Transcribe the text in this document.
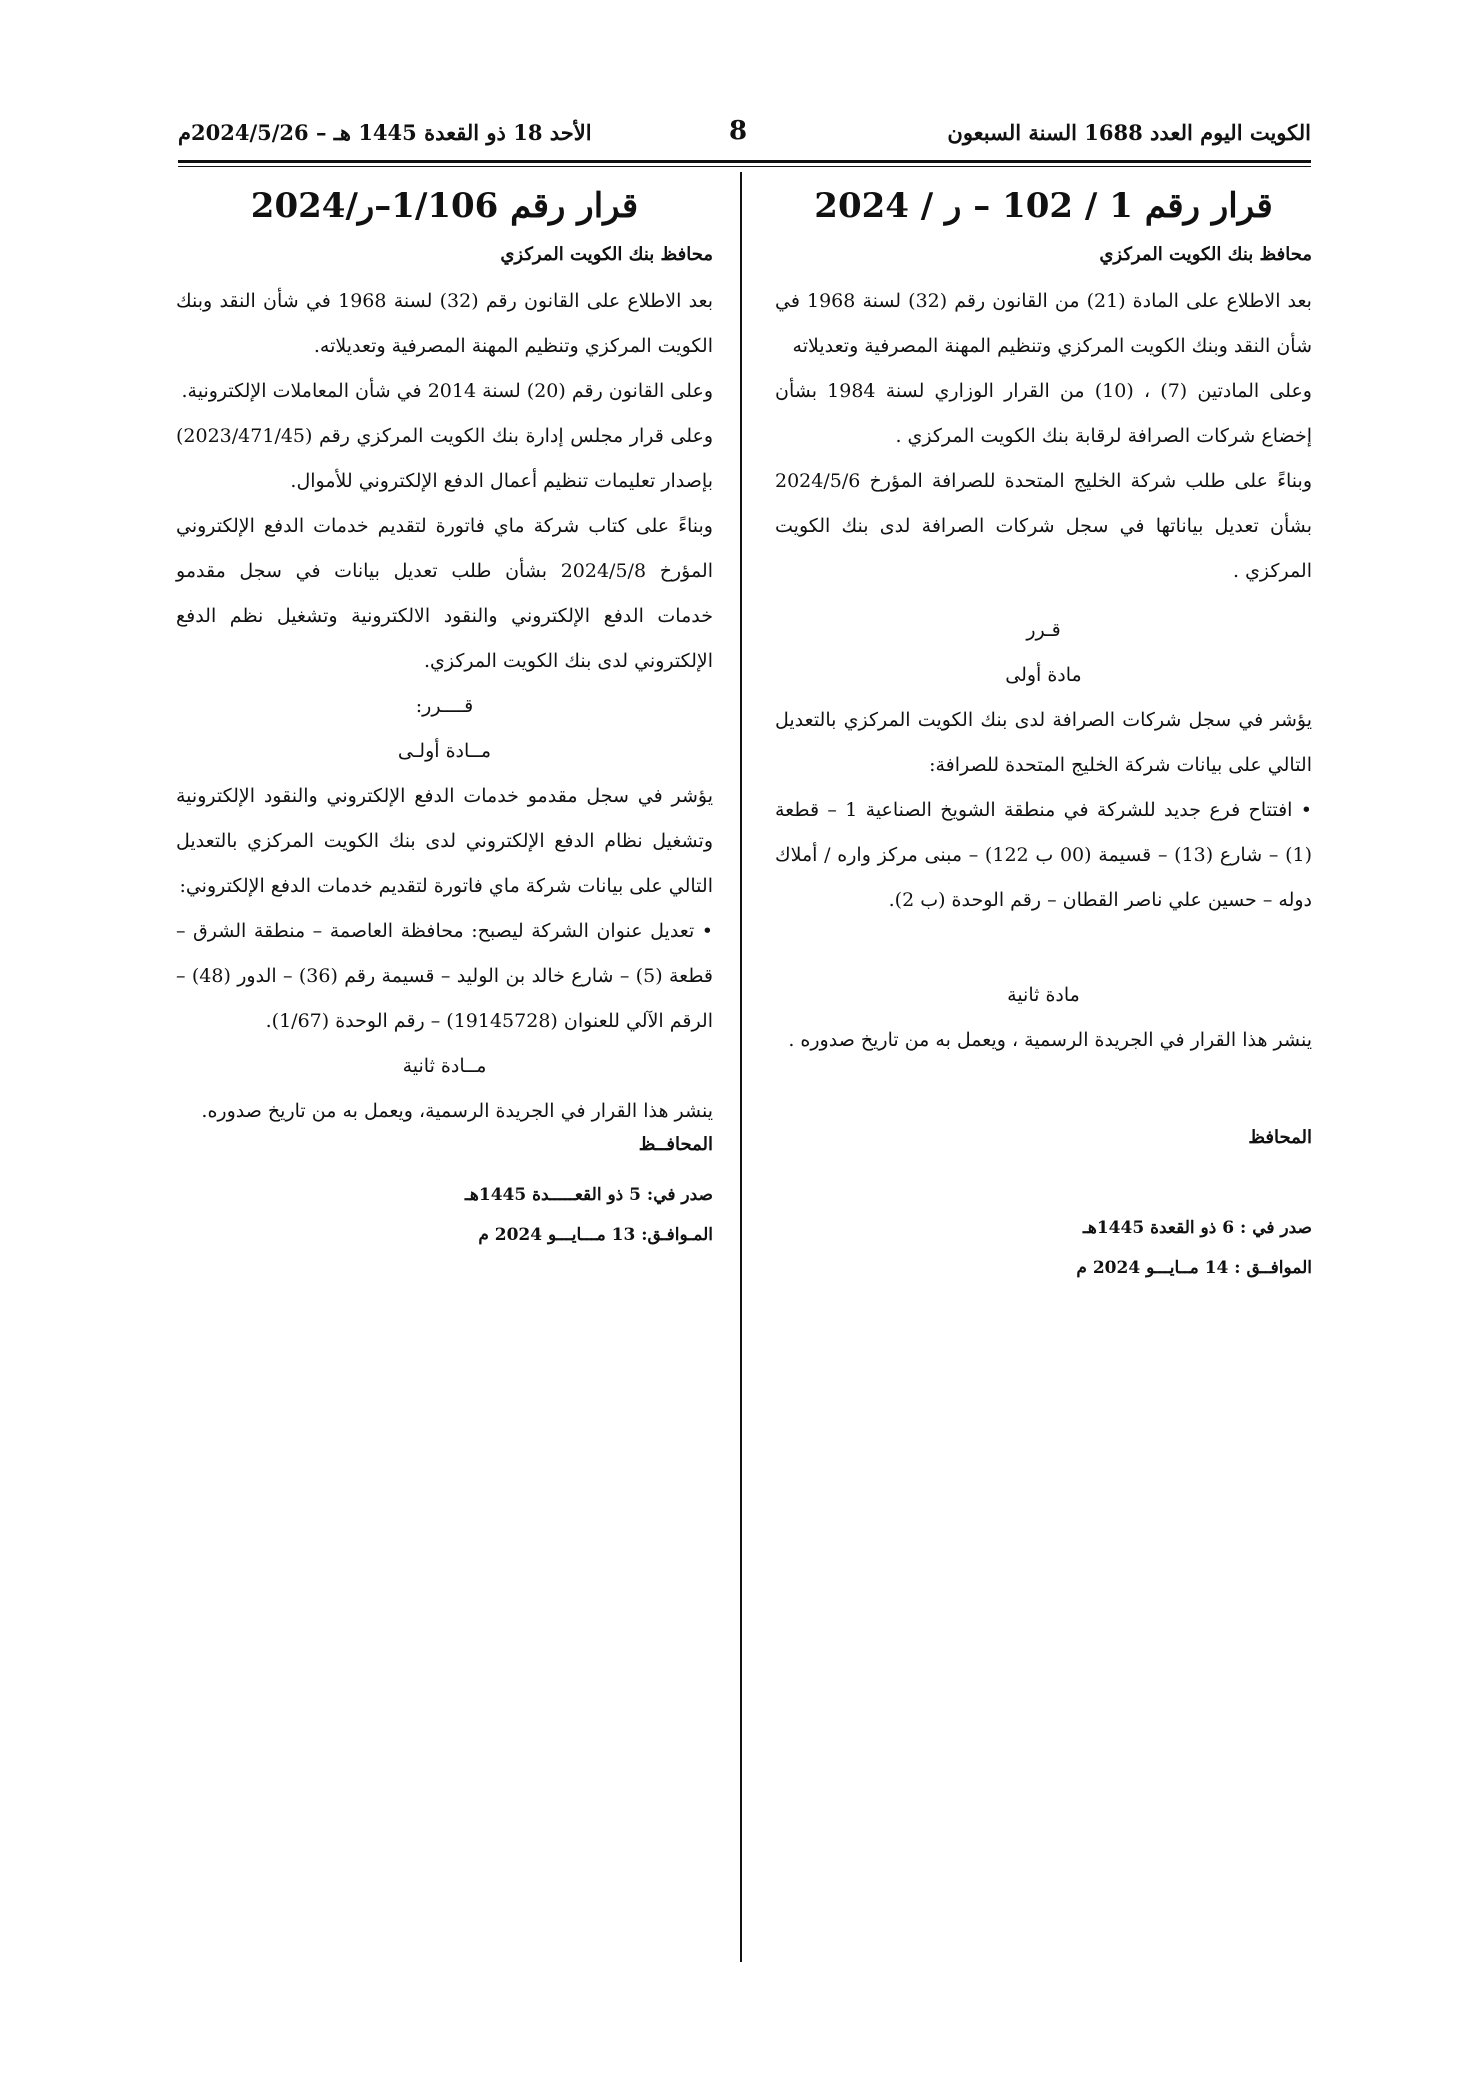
الكويت اليوم العدد 1688 السنة السبعون
8
الأحد 18 ذو القعدة 1445 هـ – 2024/5/26م
قرار رقم 1 / 102 – ر / 2024
محافظ بنك الكويت المركزي

بعد الاطلاع على المادة (21) من القانون رقم (32) لسنة 1968 في شأن النقد وبنك الكويت المركزي وتنظيم المهنة المصرفية وتعديلاته

وعلى المادتين (7) ، (10) من القرار الوزاري لسنة 1984 بشأن إخضاع شركات الصرافة لرقابة بنك الكويت المركزي .

وبناءً على طلب شركة الخليج المتحدة للصرافة المؤرخ 2024/5/6 بشأن تعديل بياناتها في سجل شركات الصرافة لدى بنك الكويت المركزي .

قـرر
مادة أولى

يؤشر في سجل شركات الصرافة لدى بنك الكويت المركزي بالتعديل التالي على بيانات شركة الخليج المتحدة للصرافة:

• افتتاح فرع جديد للشركة في منطقة الشويخ الصناعية 1 – قطعة (1) – شارع (13) – قسيمة (00 ب 122) – مبنى مركز واره / أملاك دوله – حسين علي ناصر القطان – رقم الوحدة (ب 2).

مادة ثانية

ينشر هذا القرار في الجريدة الرسمية ، ويعمل به من تاريخ صدوره .

المحافظ
صدر في : 6 ذو القعدة 1445هـ
الموافــق : 14 مــايـــو 2024 م
قرار رقم 1/106–ر/2024
محافظ بنك الكويت المركزي

بعد الاطلاع على القانون رقم (32) لسنة 1968 في شأن النقد وبنك الكويت المركزي وتنظيم المهنة المصرفية وتعديلاته.

وعلى القانون رقم (20) لسنة 2014 في شأن المعاملات الإلكترونية.

وعلى قرار مجلس إدارة بنك الكويت المركزي رقم (2023/471/45) بإصدار تعليمات تنظيم أعمال الدفع الإلكتروني للأموال.

وبناءً على كتاب شركة ماي فاتورة لتقديم خدمات الدفع الإلكتروني المؤرخ 2024/5/8 بشأن طلب تعديل بيانات في سجل مقدمو خدمات الدفع الإلكتروني والنقود الالكترونية وتشغيل نظم الدفع الإلكتروني لدى بنك الكويت المركزي.

قــــرر:
مــادة أولـى

يؤشر في سجل مقدمو خدمات الدفع الإلكتروني والنقود الإلكترونية وتشغيل نظام الدفع الإلكتروني لدى بنك الكويت المركزي بالتعديل التالي على بيانات شركة ماي فاتورة لتقديم خدمات الدفع الإلكتروني:

• تعديل عنوان الشركة ليصبح: محافظة العاصمة – منطقة الشرق – قطعة (5) – شارع خالد بن الوليد – قسيمة رقم (36) – الدور (48) – الرقم الآلي للعنوان (19145728) – رقم الوحدة (1/67).

مــادة ثانية

ينشر هذا القرار في الجريدة الرسمية، ويعمل به من تاريخ صدوره.

المحافــظ
صدر في: 5 ذو القعـــــدة 1445هـ
المـوافـق: 13 مـــايـــو 2024 م
